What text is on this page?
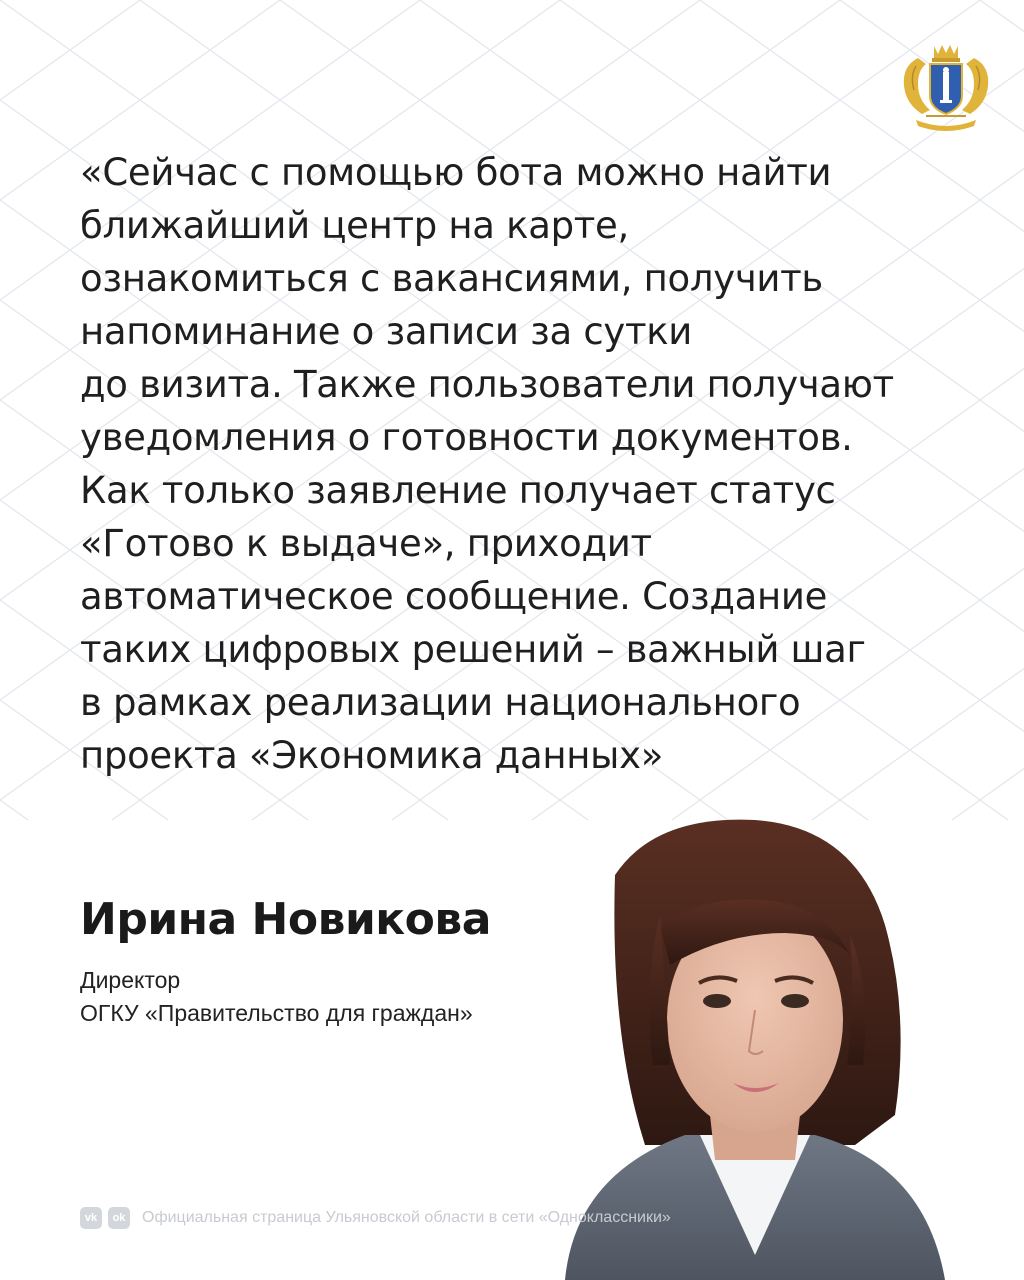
«Сейчас с помощью бота можно найти
ближайший центр на карте,
ознакомиться с вакансиями, получить
напоминание о записи за сутки
до визита. Также пользователи получают
уведомления о готовности документов.
Как только заявление получает статус
«Готово к выдаче», приходит
автоматическое сообщение. Создание
таких цифровых решений – важный шаг
в рамках реализации национального
проекта «Экономика данных»

Ирина Новикова
Директор
ОГКУ «Правительство для граждан»
vk	ok Официальная страница Ульяновской области в сети «Одноклассники»
